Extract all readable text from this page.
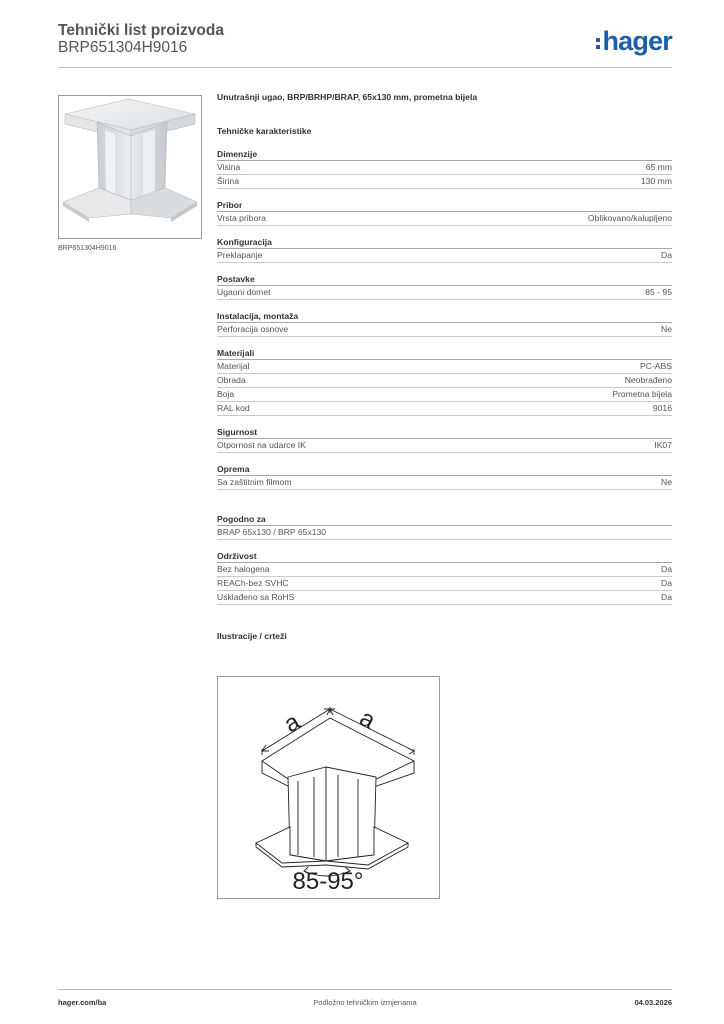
Tehnički list proizvoda
BRP651304H9016	hager
BRP651304H9016
Unutrašnji ugao, BRP/BRHP/BRAP, 65x130 mm, prometna bijela
Tehničke karakteristike
Dimenzije
Visina	65 mm
Širina	130 mm
Pribor
Vrsta pribora	Oblikovano/kalupljeno
Konfiguracija
Preklapanje	Da
Postavke
Ugaoni domet	85 - 95
Instalacija, montaža
Perforacija osnove	Ne
Materijali
Materijal	PC-ABS
Obrada	Neobrađeno
Boja	Prometna bijela
RAL kod	9016
Sigurnost
Otpornost na udarce IK	IK07
Oprema
Sa zaštitnim filmom	Ne
Pogodno za
BRAP 65x130 / BRP 65x130
Održivost
Bez halogena	Da
REACh-bez SVHC	Da
Usklađeno sa RoHS	Da
Ilustracije / crteži
a a
85-95°
Podložno tehničkim izmjenama
hager.com/ba	04.03.2026
